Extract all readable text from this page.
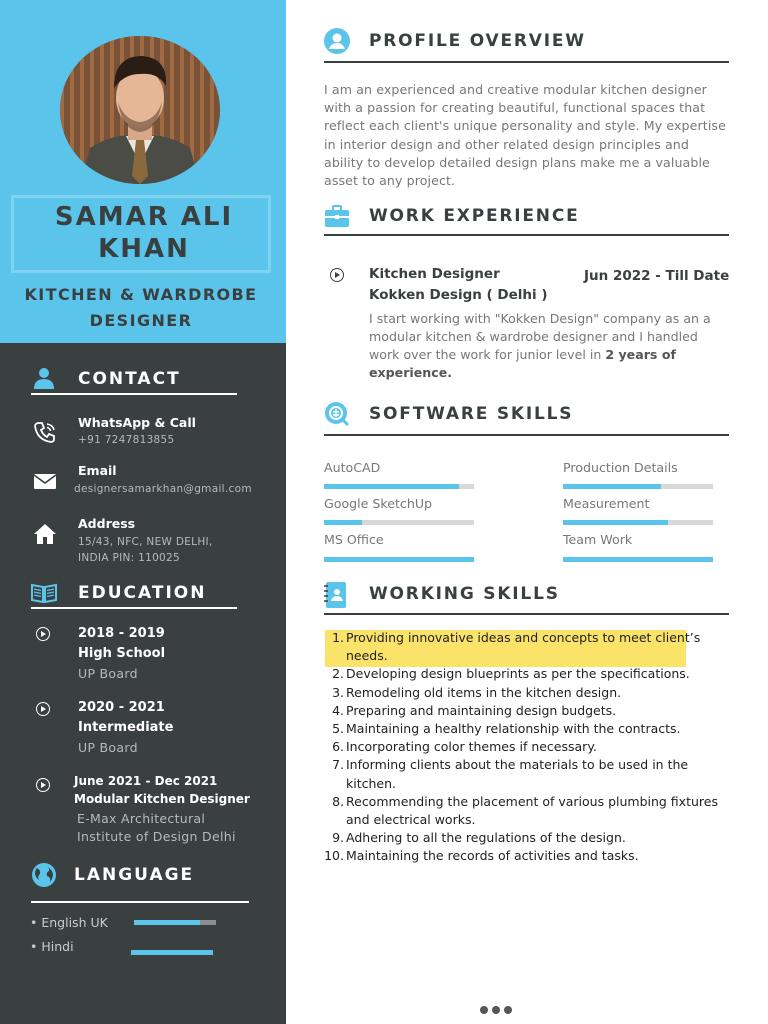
SAMAR ALI
KHAN
KITCHEN & WARDROBE
DESIGNER
CONTACT
WhatsApp & Call
+91 7247813855
Email
designersamarkhan@gmail.com
Address
15/43, NFC, NEW DELHI,
INDIA PIN: 110025
EDUCATION
2018 - 2019
High School
UP Board
2020 - 2021
Intermediate
UP Board
June 2021 - Dec 2021
Modular Kitchen Designer
E-Max Architectural
Institute of Design Delhi
LANGUAGE
• English UK
• Hindi
PROFILE OVERVIEW
I am an experienced and creative modular kitchen designer with a passion for creating beautiful, functional spaces that reflect each client's unique personality and style. My expertise in interior design and other related design principles and ability to develop detailed design plans make me a valuable asset to any project.
WORK EXPERIENCE
Kitchen Designer
Kokken Design ( Delhi )
Jun 2022 - Till Date
I start working with "Kokken Design" company as an a modular kitchen & wardrobe designer and I handled work over the work for junior level in 2 years of experience.
SOFTWARE SKILLS
AutoCAD
Google SketchUp
MS Office
Production Details
Measurement
Team Work
WORKING SKILLS
1. Providing innovative ideas and concepts to meet client’s needs.
2. Developing design blueprints as per the specifications.
3. Remodeling old items in the kitchen design.
4. Preparing and maintaining design budgets.
5. Maintaining a healthy relationship with the contracts.
6. Incorporating color themes if necessary.
7. Informing clients about the materials to be used in the kitchen.
8. Recommending the placement of various plumbing fixtures and electrical works.
9. Adhering to all the regulations of the design.
10. Maintaining the records of activities and tasks.
